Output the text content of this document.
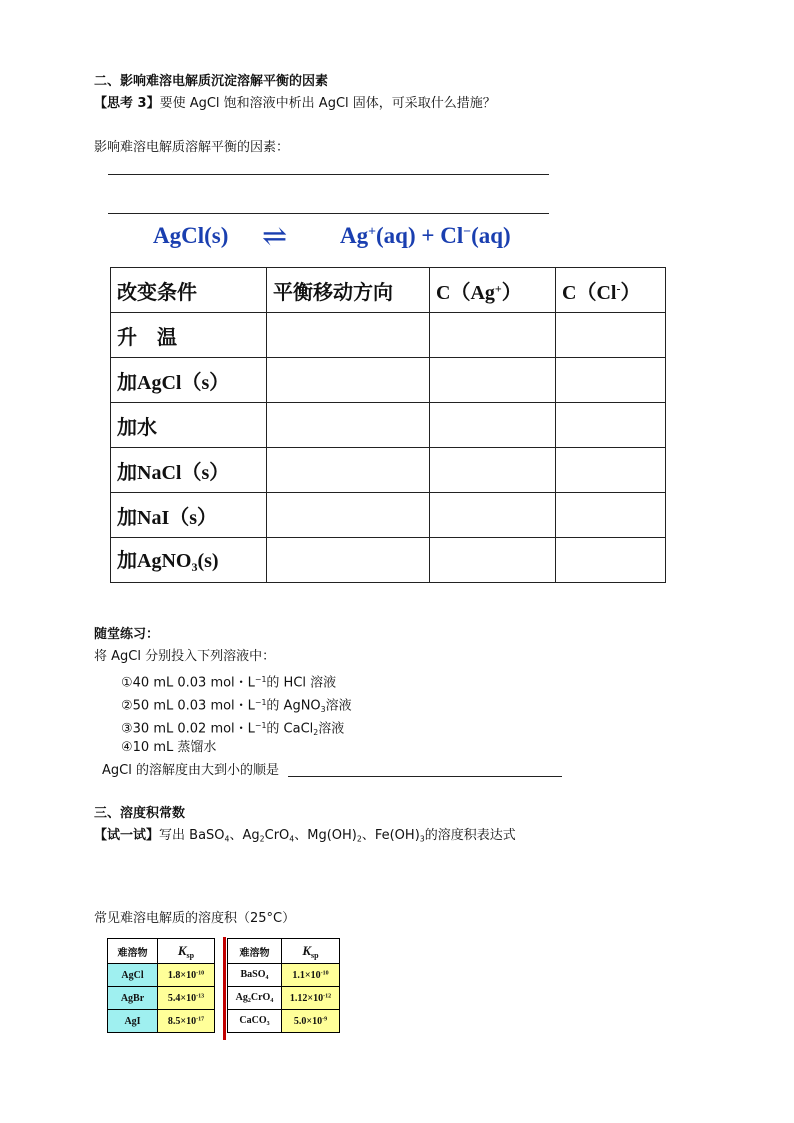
二、影响难溶电解质沉淀溶解平衡的因素
【思考 3】要使 AgCl 饱和溶液中析出 AgCl 固体，可采取什么措施？
影响难溶电解质溶解平衡的因素：
AgCl(s) ⇌ Ag+(aq) + Cl−(aq)
改变条件	平衡移动方向	C（Ag+）	C（Cl-）
升　温			
加AgCl（s）			
加水			
加NaCl（s）			
加NaI（s）			
加AgNO$_3$(s)			
随堂练习：
将 AgCl 分别投入下列溶液中：
①40 mL 0.03 mol・$L^{-1}$的 HCl 溶液
②50 mL 0.03 mol・$L^{-1}$的 AgNO$_3$溶液
③30 mL 0.02 mol・$L^{-1}$的 CaCl$_2$溶液
④10 mL 蒸馏水
AgCl 的溶解度由大到小的顺是
三、溶度积常数
【试一试】写出 BaSO$_4$、$Ag_2CrO_4$、$Mg(OH)_2$、$Fe(OH)_3$的溶度积表达式
常见难溶电解质的溶度积（25°C）
难溶物	$K_{sp}$
AgCl	$1.8\times 10^{-10}$
AgBr	$5.4\times 10^{-13}$
AgI	$8.5\times 10^{-17}$
难溶物	$K_{sp}$
BaSO$_4$	$1.1\times 10^{-10}$
$Ag_2CrO_4$	$1.12\times 10^{-12}$
CaCO$_3$	$5.0\times 10^{-9}$
